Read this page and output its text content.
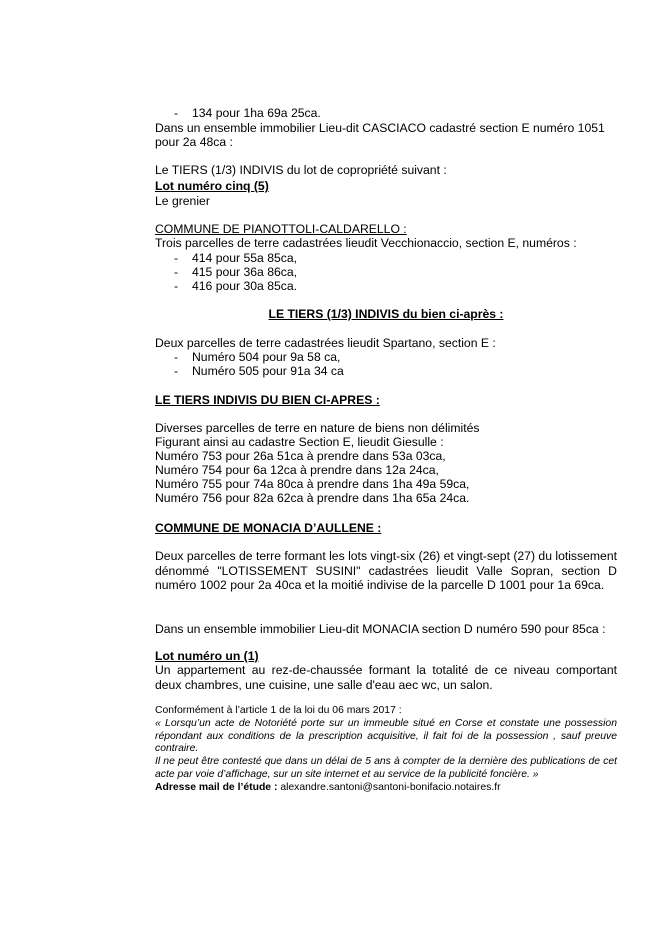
- 134 pour 1ha 69a 25ca.
Dans un ensemble immobilier Lieu-dit CASCIACO cadastré section E numéro 1051
pour 2a 48ca :
Le TIERS (1/3) INDIVIS du lot de copropriété suivant :
Lot numéro cinq (5)
Le grenier
COMMUNE DE PIANOTTOLI-CALDARELLO :
Trois parcelles de terre cadastrées lieudit Vecchionaccio, section E, numéros :
- 414 pour 55a 85ca,
- 415 pour 36a 86ca,
- 416 pour 30a 85ca.
LE TIERS (1/3) INDIVIS du bien ci-après :
Deux parcelles de terre cadastrées lieudit Spartano, section E :
- Numéro 504 pour 9a 58 ca,
- Numéro 505 pour 91a 34 ca
LE TIERS INDIVIS DU BIEN CI-APRES :
Diverses parcelles de terre en nature de biens non délimités
Figurant ainsi au cadastre Section E, lieudit Giesulle :
Numéro 753 pour 26a 51ca à prendre dans 53a 03ca,
Numéro 754 pour 6a 12ca à prendre dans 12a 24ca,
Numéro 755 pour 74a 80ca à prendre dans 1ha 49a 59ca,
Numéro 756 pour 82a 62ca à prendre dans 1ha 65a 24ca.
COMMUNE DE MONACIA D’AULLENE :
Deux parcelles de terre formant les lots vingt-six (26) et vingt-sept (27) du lotissement dénommé "LOTISSEMENT SUSINI" cadastrées lieudit Valle Sopran, section D numéro 1002 pour 2a 40ca et la moitié indivise de la parcelle D 1001 pour 1a 69ca.
Dans un ensemble immobilier Lieu-dit MONACIA section D numéro 590 pour 85ca :
Lot numéro un (1)
Un appartement au rez-de-chaussée formant la totalité de ce niveau comportant deux chambres, une cuisine, une salle d'eau aec wc, un salon.
Conformément à l’article 1 de la loi du 06 mars 2017 :
« Lorsqu’un acte de Notoriété porte sur un immeuble situé en Corse et constate une possession répondant aux conditions de la prescription acquisitive, il fait foi de la possession , sauf preuve contraire.
Il ne peut être contesté que dans un délai de 5 ans à compter de la dernière des publications de cet acte par voie d’affichage, sur un site internet et au service de la publicité foncière. »
Adresse mail de l’étude : alexandre.santoni@santoni-bonifacio.notaires.fr
